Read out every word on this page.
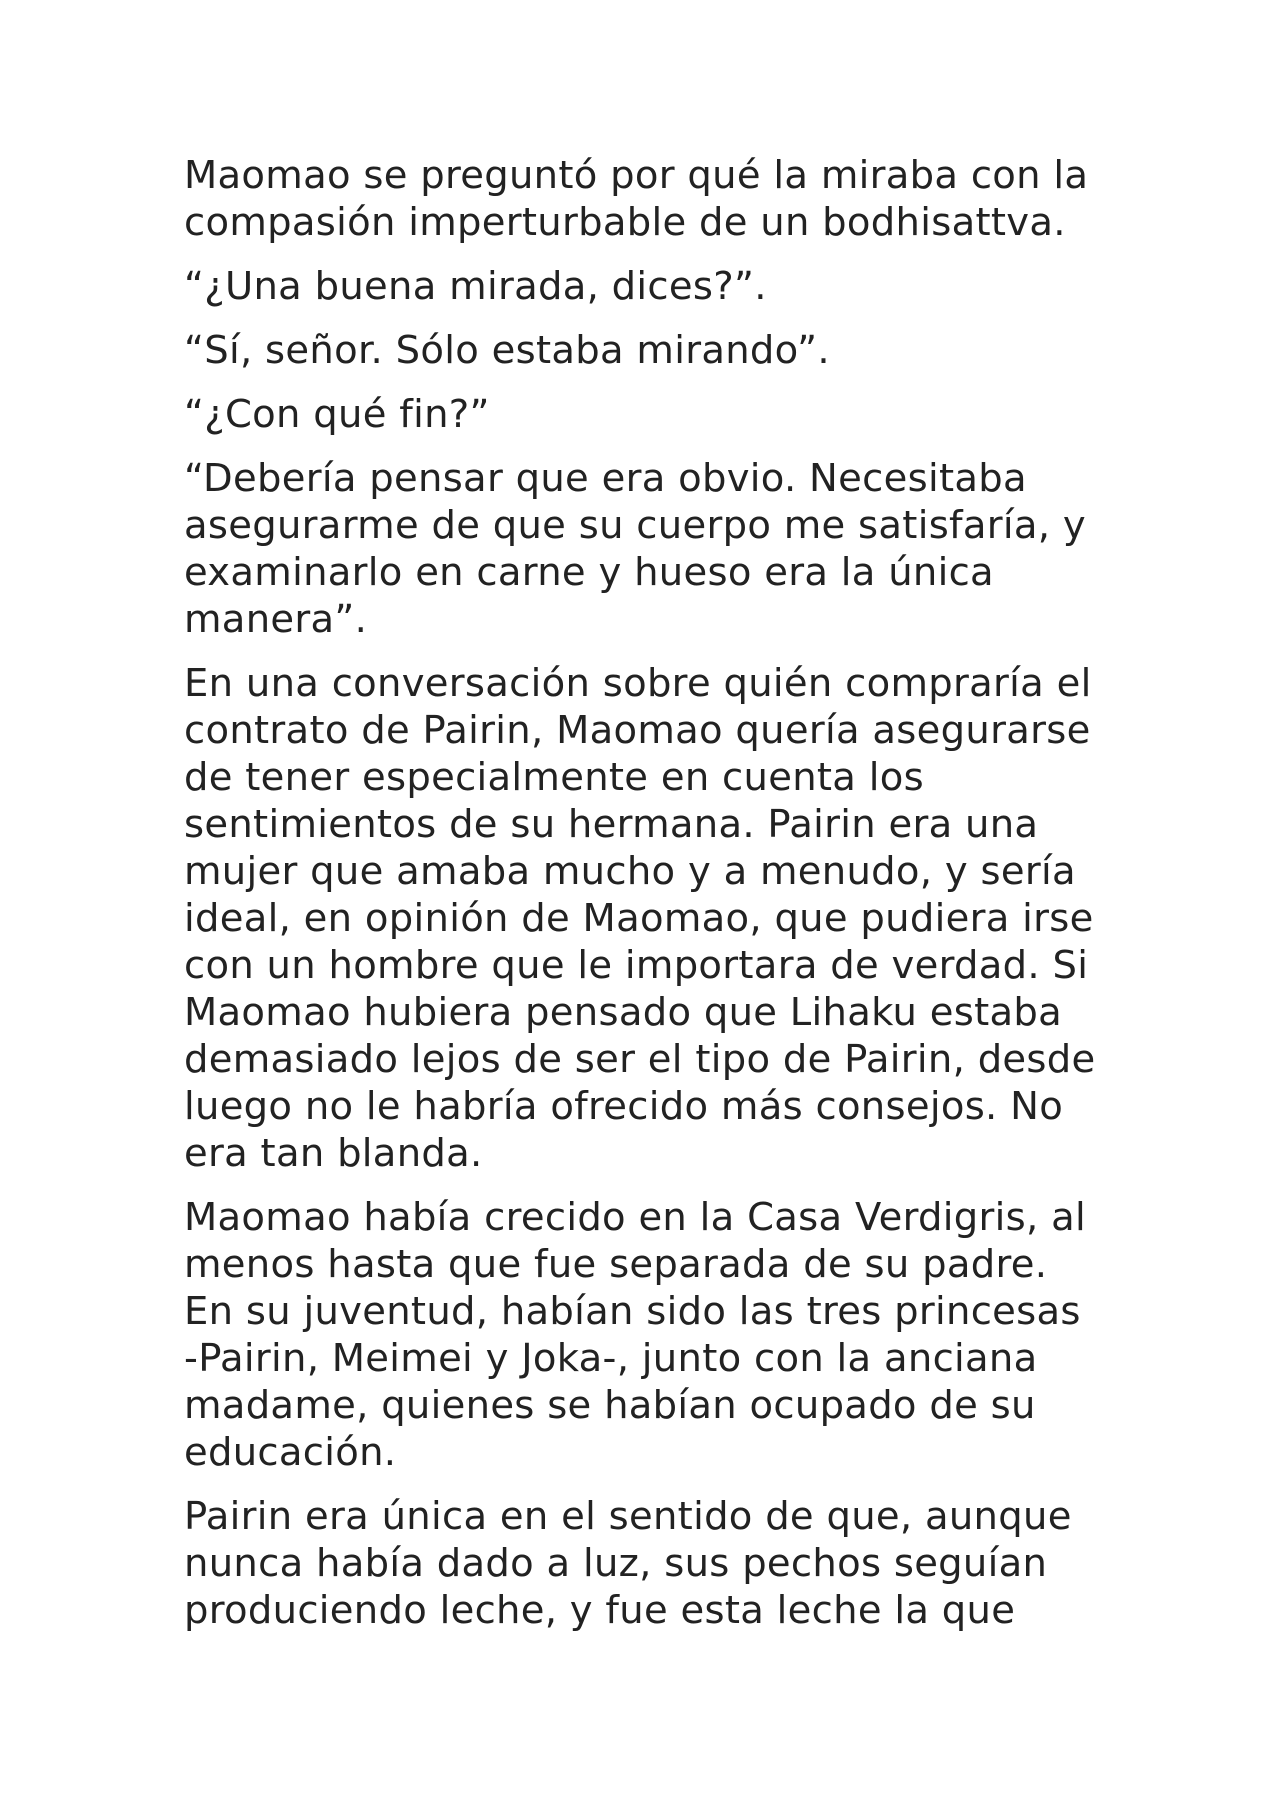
Maomao se preguntó por qué la miraba con la
compasión imperturbable de un bodhisattva.

“¿Una buena mirada, dices?”.

“Sí, señor. Sólo estaba mirando”.

“¿Con qué fin?”

“Debería pensar que era obvio. Necesitaba
asegurarme de que su cuerpo me satisfaría, y
examinarlo en carne y hueso era la única
manera”.

En una conversación sobre quién compraría el
contrato de Pairin, Maomao quería asegurarse
de tener especialmente en cuenta los
sentimientos de su hermana. Pairin era una
mujer que amaba mucho y a menudo, y sería
ideal, en opinión de Maomao, que pudiera irse
con un hombre que le importara de verdad. Si
Maomao hubiera pensado que Lihaku estaba
demasiado lejos de ser el tipo de Pairin, desde
luego no le habría ofrecido más consejos. No
era tan blanda.

Maomao había crecido en la Casa Verdigris, al
menos hasta que fue separada de su padre.
En su juventud, habían sido las tres princesas
-Pairin, Meimei y Joka-, junto con la anciana
madame, quienes se habían ocupado de su
educación.

Pairin era única en el sentido de que, aunque
nunca había dado a luz, sus pechos seguían
produciendo leche, y fue esta leche la que
